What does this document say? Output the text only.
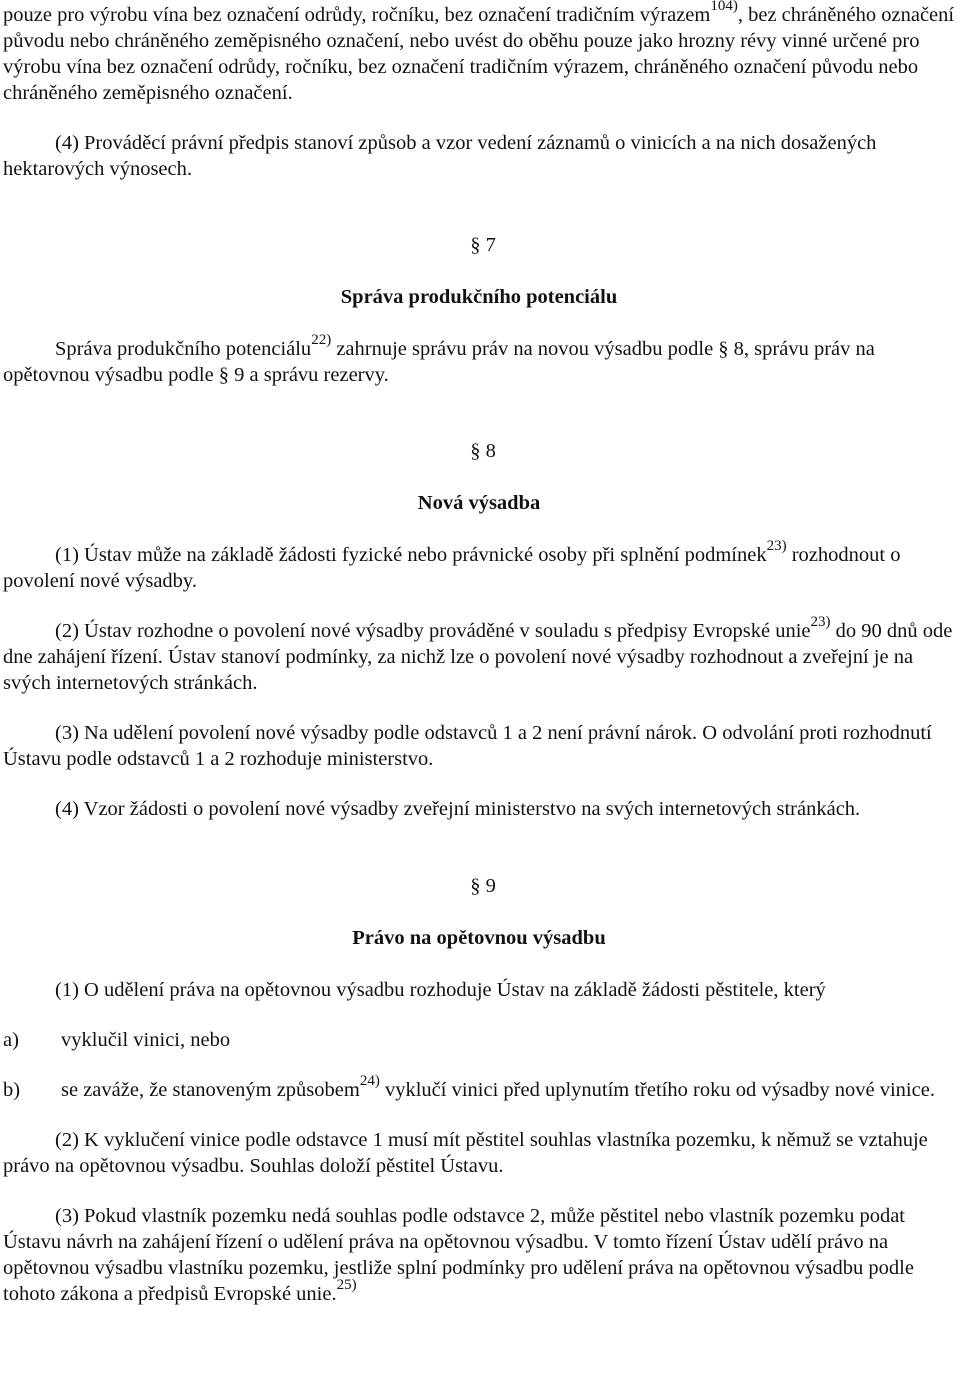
pouze pro výrobu vína bez označení odrůdy, ročníku, bez označení tradičním výrazem$^{104)}$, bez chráněného označení původu nebo chráněného zeměpisného označení, nebo uvést do oběhu pouze jako hrozny révy vinné určené pro výrobu vína bez označení odrůdy, ročníku, bez označení tradičním výrazem, chráněného označení původu nebo chráněného zeměpisného označení.

(4) Prováděcí právní předpis stanoví způsob a vzor vedení záznamů o vinicích a na nich dosažených hektarových výnosech.

§ 7

Správa produkčního potenciálu

Správa produkčního potenciálu$^{22)}$ zahrnuje správu práv na novou výsadbu podle § 8, správu práv na opětovnou výsadbu podle § 9 a správu rezervy.

§ 8

Nová výsadba

(1) Ústav může na základě žádosti fyzické nebo právnické osoby při splnění podmínek$^{23)}$ rozhodnout o povolení nové výsadby.

(2) Ústav rozhodne o povolení nové výsadby prováděné v souladu s předpisy Evropské unie$^{23)}$ do 90 dnů ode dne zahájení řízení. Ústav stanoví podmínky, za nichž lze o povolení nové výsadby rozhodnout a zveřejní je na svých internetových stránkách.

(3) Na udělení povolení nové výsadby podle odstavců 1 a 2 není právní nárok. O odvolání proti rozhodnutí Ústavu podle odstavců 1 a 2 rozhoduje ministerstvo.

(4) Vzor žádosti o povolení nové výsadby zveřejní ministerstvo na svých internetových stránkách.

§ 9

Právo na opětovnou výsadbu

(1) O udělení práva na opětovnou výsadbu rozhoduje Ústav na základě žádosti pěstitele, který

a)	vyklučil vinici, nebo
b)	se zaváže, že stanoveným způsobem$^{24)}$ vyklučí vinici před uplynutím třetího roku od výsadby nové vinice.

(2) K vyklučení vinice podle odstavce 1 musí mít pěstitel souhlas vlastníka pozemku, k němuž se vztahuje právo na opětovnou výsadbu. Souhlas doloží pěstitel Ústavu.

(3) Pokud vlastník pozemku nedá souhlas podle odstavce 2, může pěstitel nebo vlastník pozemku podat Ústavu návrh na zahájení řízení o udělení práva na opětovnou výsadbu. V tomto řízení Ústav udělí právo na opětovnou výsadbu vlastníku pozemku, jestliže splní podmínky pro udělení práva na opětovnou výsadbu podle tohoto zákona a předpisů Evropské unie.$^{25)}$
